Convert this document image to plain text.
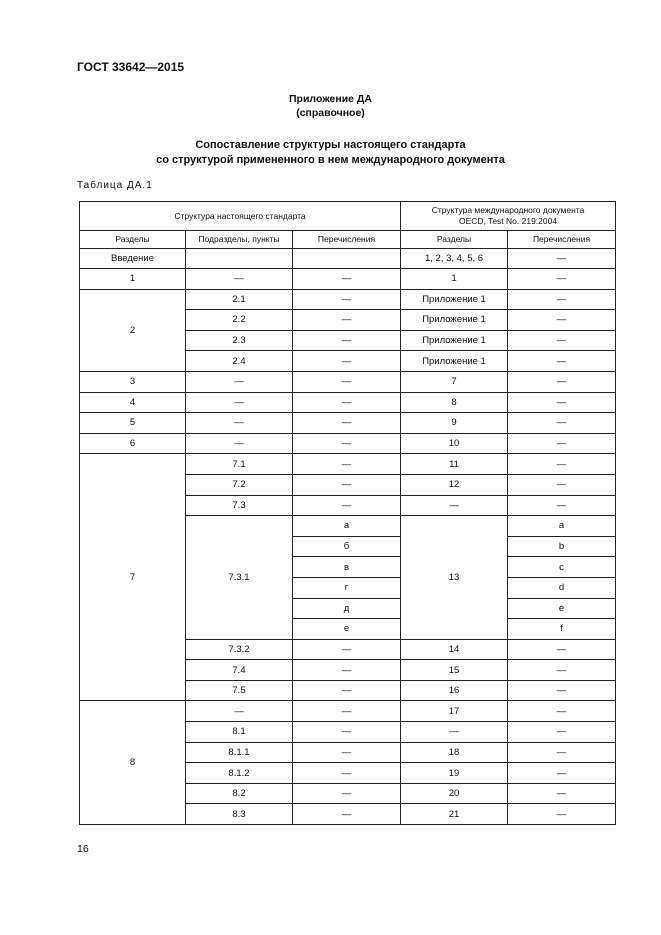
ГОСТ 33642—2015
Приложение ДА
(справочное)
Сопоставление структуры настоящего стандарта
со структурой примененного в нем международного документа
Таблица ДА.1
Структура настоящего стандарта			Структура международного документа
OECD, Test No. 219:2004	

Разделы	Подразделы, пункты	Перечисления	Разделы	Перечисления
Введение			1, 2, 3, 4, 5, 6	—
1	—	—	1	—
2	2.1	—	Приложение 1	—
	2.2	—	Приложение 1	—
	2.3	—	Приложение 1	—
	2.4	—	Приложение 1	—
3	—	—	7	—
4	—	—	8	—
5	—	—	9	—
6	—	—	10	—
7	7.1	—	11	—
	7.2	—	12	—
	7.3	—	—	—
	7.3.1	а	13	a
		б		b
		в		c
		г		d
		д		e
		е		f
	7.3.2	—	14	—
	7.4	—	15	—
	7.5	—	16	—
8	—	—	17	—
	8.1	—	—	—
	8.1.1	—	18	—
	8.1.2	—	19	—
	8.2	—	20	—
	8.3	—	21	—
16
